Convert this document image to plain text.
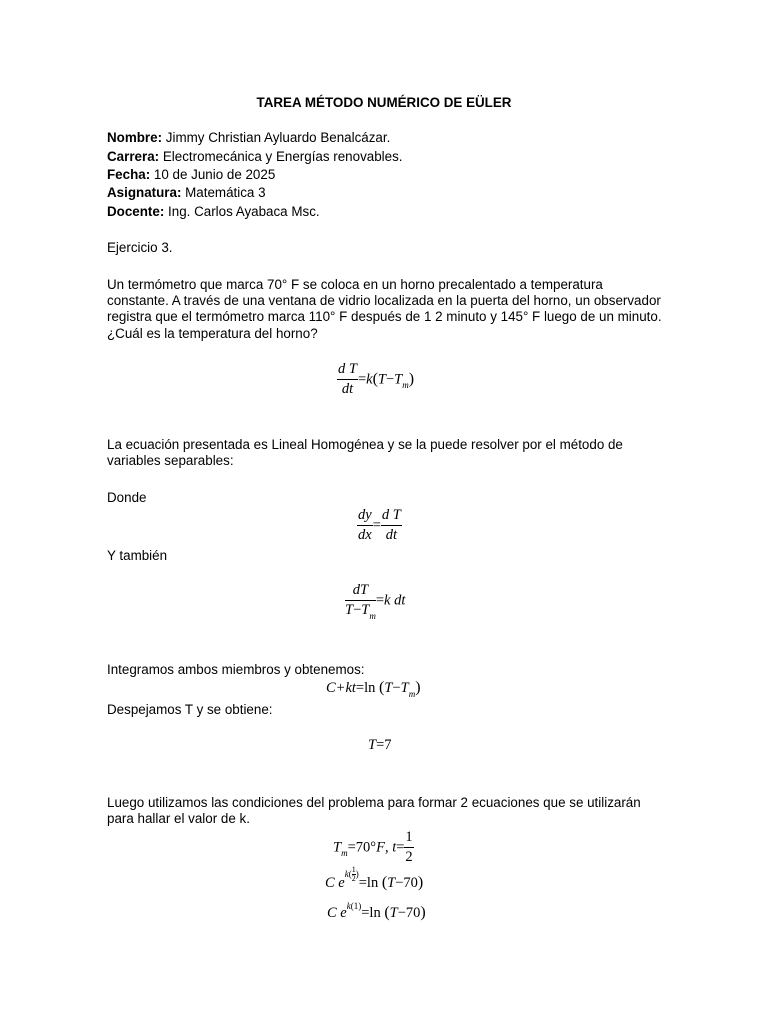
TAREA MÉTODO NUMÉRICO DE EÜLER
Nombre: Jimmy Christian Ayluardo Benalcázar.
Carrera: Electromecánica y Energías renovables.
Fecha: 10 de Junio de 2025
Asignatura: Matemática 3
Docente: Ing. Carlos Ayabaca Msc.
Ejercicio 3.
Un termómetro que marca 70° F se coloca en un horno precalentado a temperatura constante. A través de una ventana de vidrio localizada en la puerta del horno, un observador registra que el termómetro marca 110° F después de 1 2 minuto y 145° F luego de un minuto. ¿Cuál es la temperatura del horno?
$\frac{\text{d T}}{dt} =k(T-T_m)$
La ecuación presentada es Lineal Homogénea y se la puede resolver por el método de variables separables:
Donde
$\frac{dy}{dx} = \frac{\text{d T}}{dt}$
Y también
$\frac{dT}{T-T_m} =k$ dt
Integramos ambos miembros y obtenemos:
C+kt=ln $(T-T_m)$
Despejamos T y se obtiene:
T=7
Luego utilizamos las condiciones del problema para formar 2 ecuaciones que se utilizarán para hallar el valor de k.
$T_m=70^\circ F$, $t= \frac{1}{2}$
C $e^{k( \frac{1}{2})}=\ln$ (T−70)
C $e^{k(1)}=\ln$ (T−70)
